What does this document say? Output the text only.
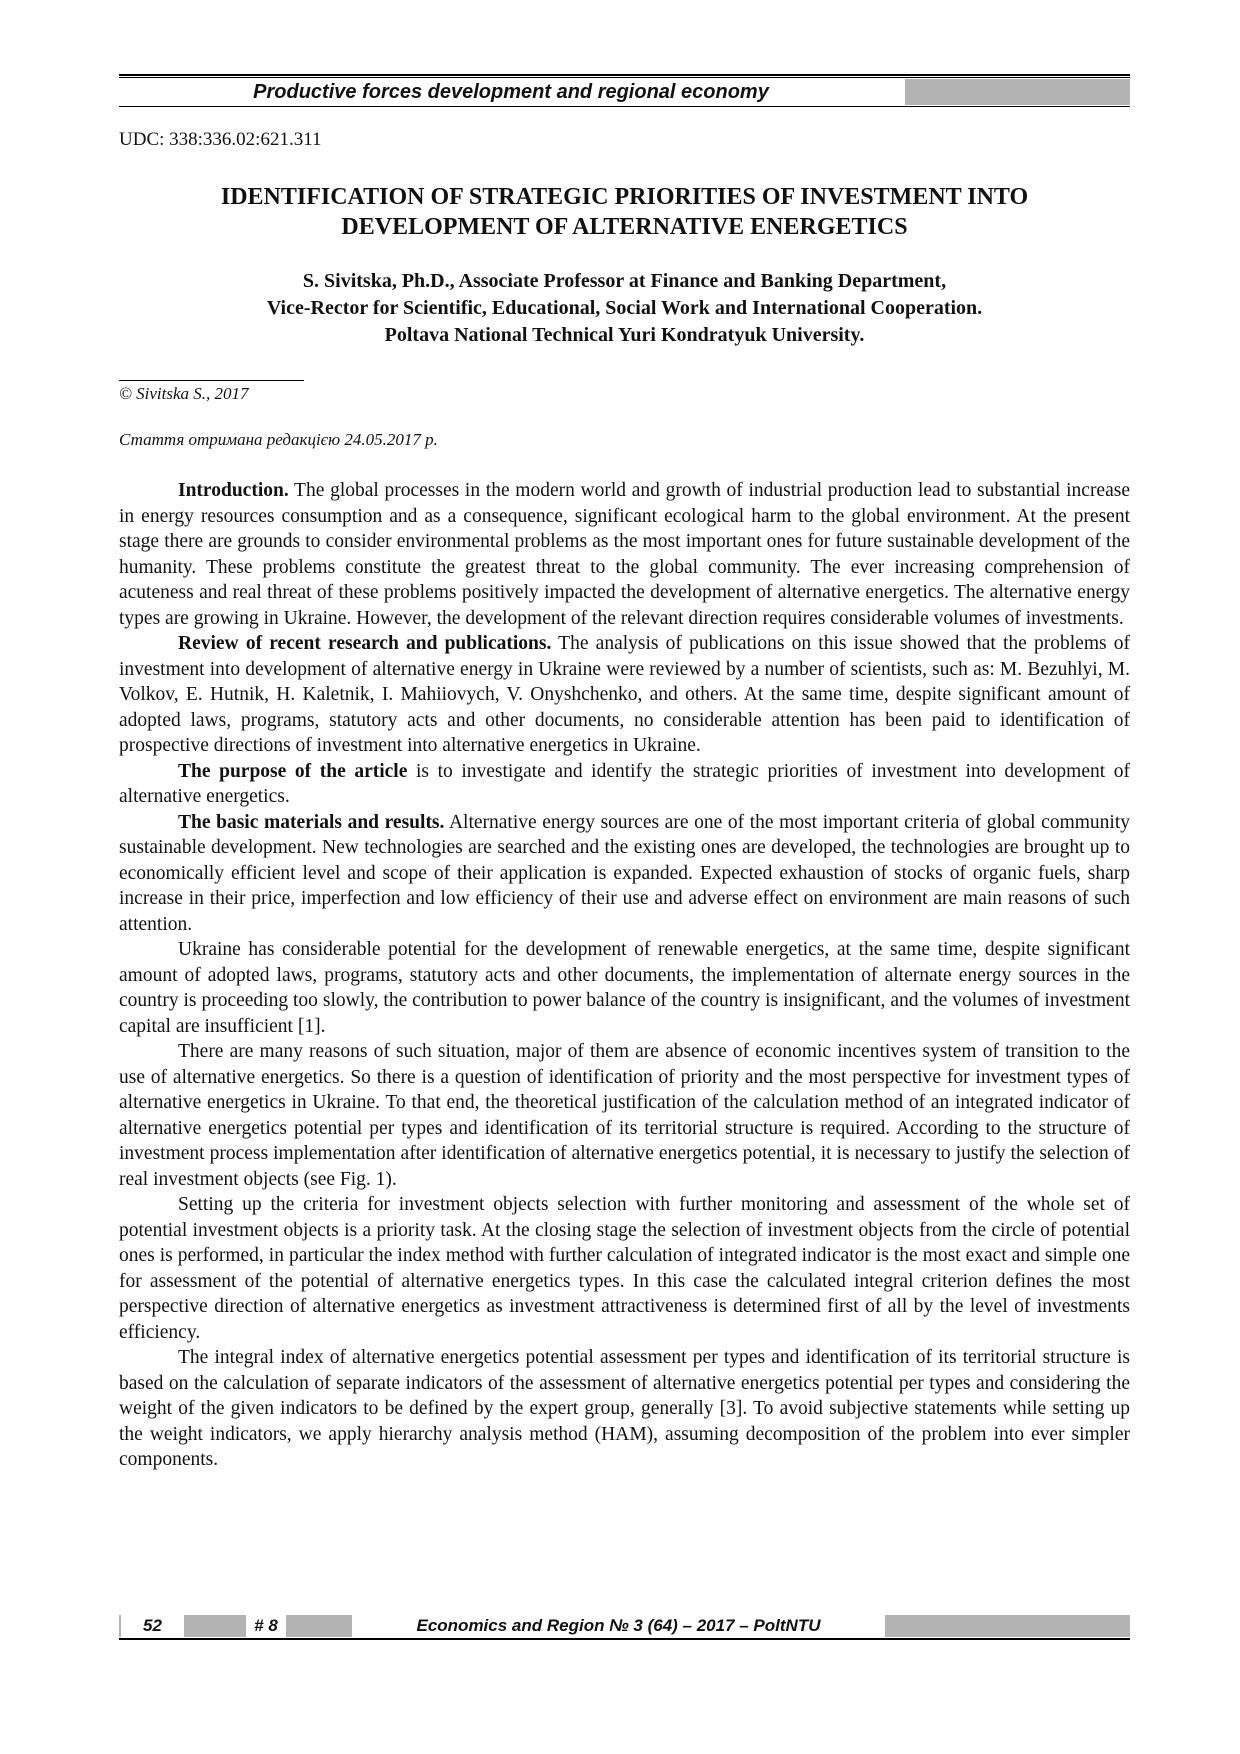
Productive forces development and regional economy
UDC: 338:336.02:621.311
IDENTIFICATION OF STRATEGIC PRIORITIES OF INVESTMENT INTO
DEVELOPMENT OF ALTERNATIVE ENERGETICS
S. Sivitska, Ph.D., Associate Professor at Finance and Banking Department,
Vice-Rector for Scientific, Educational, Social Work and International Cooperation.
Poltava National Technical Yuri Kondratyuk University.
© Sivitska S., 2017
Стаття отримана редакцією 24.05.2017 р.

Introduction. The global processes in the modern world and growth of industrial production lead to substantial increase in energy resources consumption and as a consequence, significant ecological harm to the global environment. At the present stage there are grounds to consider environmental problems as the most important ones for future sustainable development of the humanity. These problems constitute the greatest threat to the global community. The ever increasing comprehension of acuteness and real threat of these problems positively impacted the development of alternative energetics. The alternative energy types are growing in Ukraine. However, the development of the relevant direction requires considerable volumes of investments.

Review of recent research and publications. The analysis of publications on this issue showed that the problems of investment into development of alternative energy in Ukraine were reviewed by a number of scientists, such as: M. Bezuhlyi, M. Volkov, E. Hutnik, H. Kaletnik, I. Mahiiovych, V. Onyshchenko, and others. At the same time, despite significant amount of adopted laws, programs, statutory acts and other documents, no considerable attention has been paid to identification of prospective directions of investment into alternative energetics in Ukraine.

The purpose of the article is to investigate and identify the strategic priorities of investment into development of alternative energetics.

The basic materials and results. Alternative energy sources are one of the most important criteria of global community sustainable development. New technologies are searched and the existing ones are developed, the technologies are brought up to economically efficient level and scope of their application is expanded. Expected exhaustion of stocks of organic fuels, sharp increase in their price, imperfection and low efficiency of their use and adverse effect on environment are main reasons of such attention.

Ukraine has considerable potential for the development of renewable energetics, at the same time, despite significant amount of adopted laws, programs, statutory acts and other documents, the implementation of alternate energy sources in the country is proceeding too slowly, the contribution to power balance of the country is insignificant, and the volumes of investment capital are insufficient [1].

There are many reasons of such situation, major of them are absence of economic incentives system of transition to the use of alternative energetics. So there is a question of identification of priority and the most perspective for investment types of alternative energetics in Ukraine. To that end, the theoretical justification of the calculation method of an integrated indicator of alternative energetics potential per types and identification of its territorial structure is required. According to the structure of investment process implementation after identification of alternative energetics potential, it is necessary to justify the selection of real investment objects (see Fig. 1).

Setting up the criteria for investment objects selection with further monitoring and assessment of the whole set of potential investment objects is a priority task. At the closing stage the selection of investment objects from the circle of potential ones is performed, in particular the index method with further calculation of integrated indicator is the most exact and simple one for assessment of the potential of alternative energetics types. In this case the calculated integral criterion defines the most perspective direction of alternative energetics as investment attractiveness is determined first of all by the level of investments efficiency.

The integral index of alternative energetics potential assessment per types and identification of its territorial structure is based on the calculation of separate indicators of the assessment of alternative energetics potential per types and considering the weight of the given indicators to be defined by the expert group, generally [3]. To avoid subjective statements while setting up the weight indicators, we apply hierarchy analysis method (HAM), assuming decomposition of the problem into ever simpler components.

52	# 8	Economics and Region № 3 (64) – 2017 – PoltNTU
